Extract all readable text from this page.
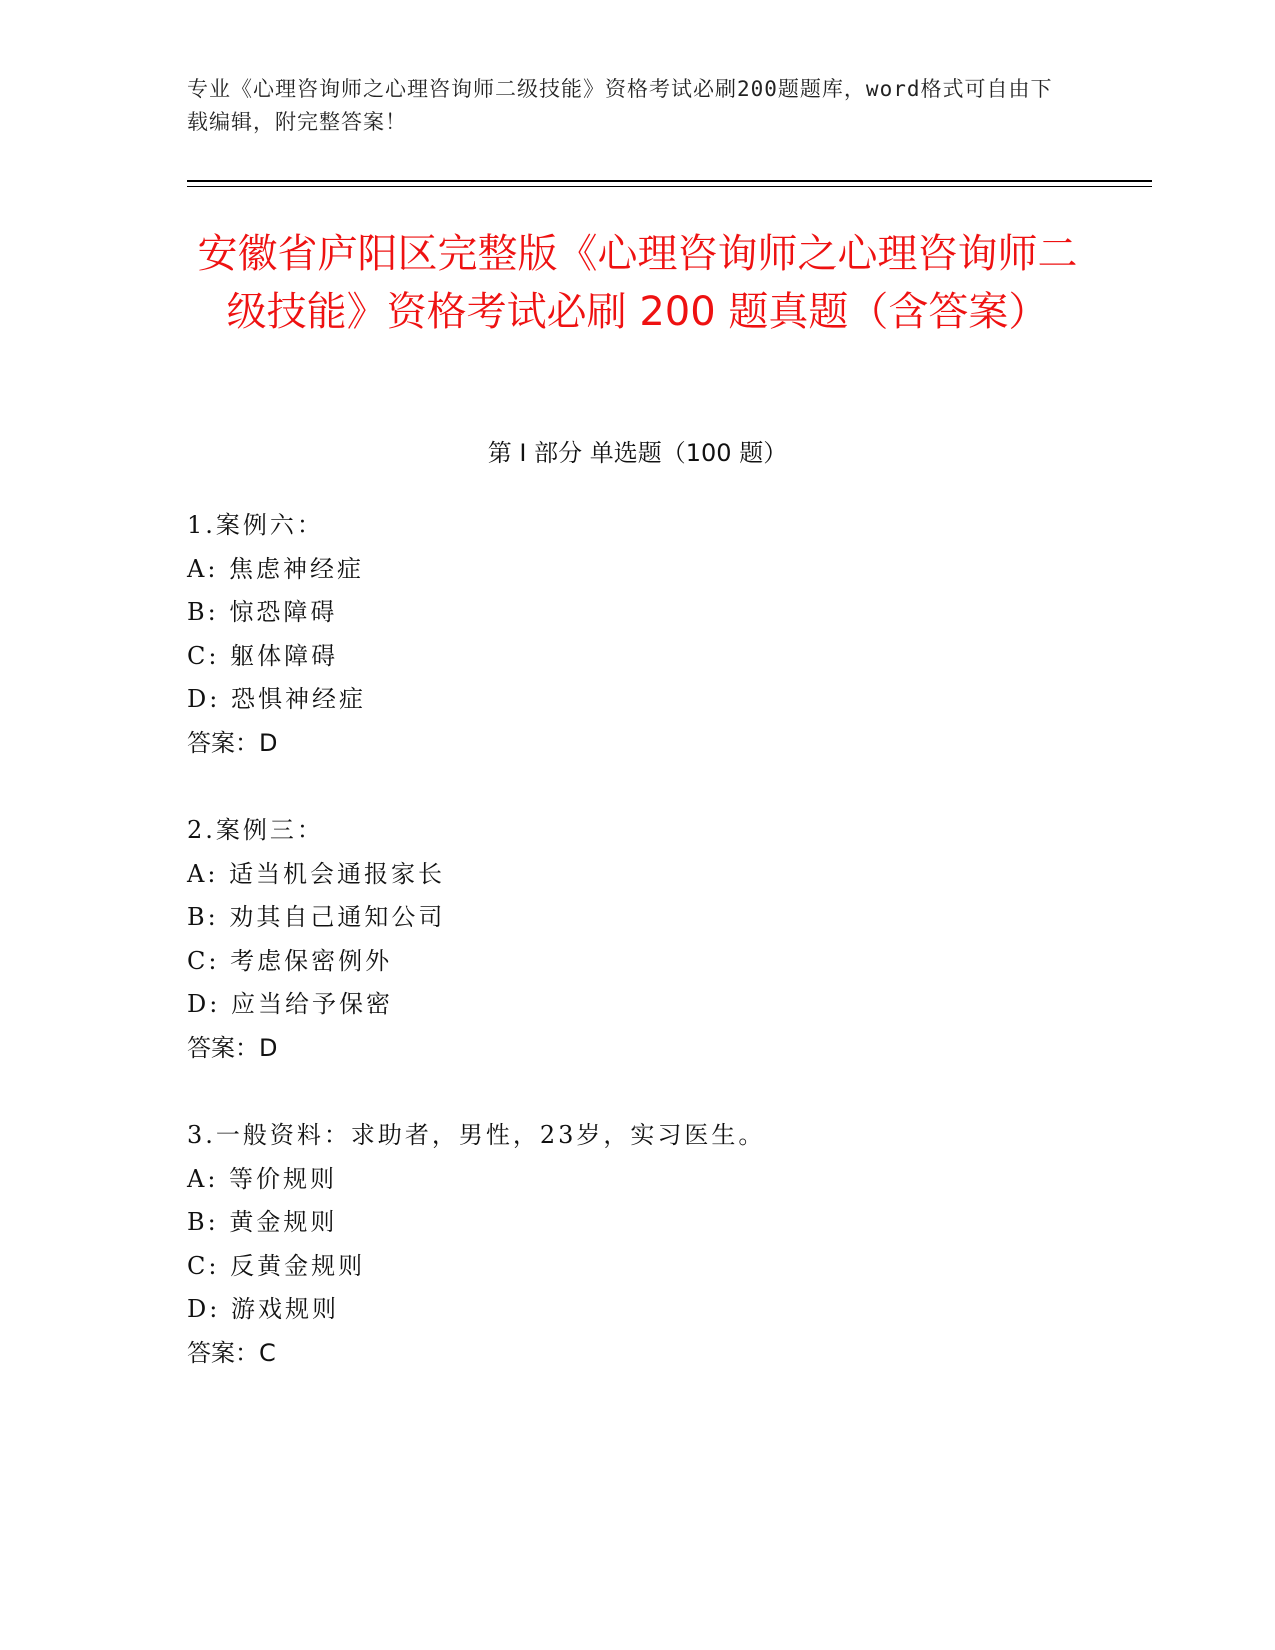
专业《心理咨询师之心理咨询师二级技能》资格考试必刷200题题库，word格式可自由下载编辑，附完整答案！
安徽省庐阳区完整版《心理咨询师之心理咨询师二级技能》资格考试必刷 200 题真题（含答案）
第 I 部分 单选题（100 题）
1.案例六：
A: 焦虑神经症
B: 惊恐障碍
C: 躯体障碍
D: 恐惧神经症
答案：D
2.案例三：
A: 适当机会通报家长
B: 劝其自己通知公司
C: 考虑保密例外
D: 应当给予保密
答案：D
3.一般资料：求助者，男性，23岁，实习医生。
A: 等价规则
B: 黄金规则
C: 反黄金规则
D: 游戏规则
答案：C
